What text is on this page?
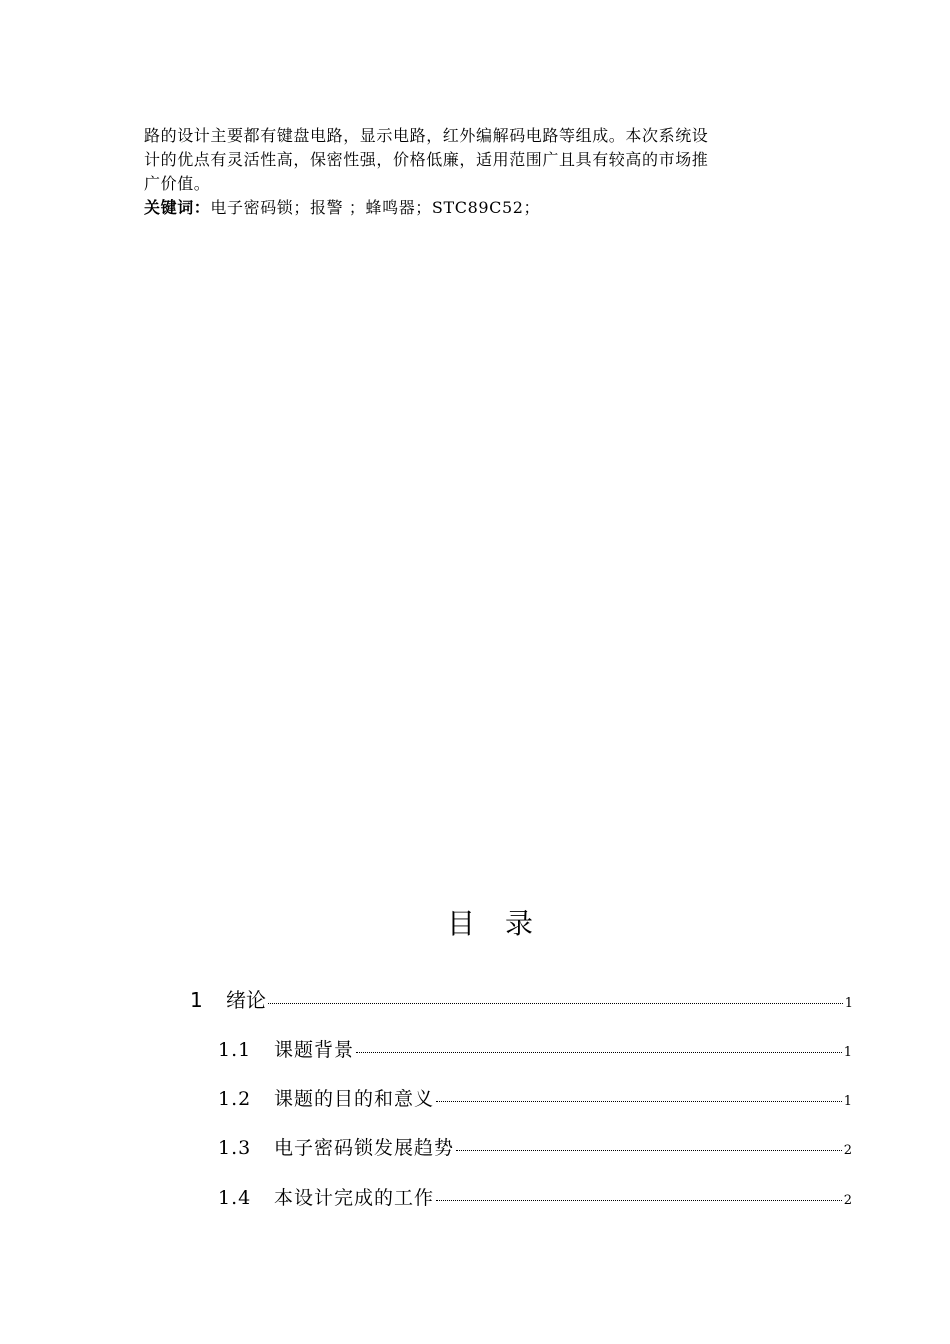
路的设计主要都有键盘电路，显示电路，红外编解码电路等组成。本次系统设

计的优点有灵活性高，保密性强，价格低廉，适用范围广且具有较高的市场推

广价值。

关键词：电子密码锁；报警 ；蜂鸣器；STC89C52；

目录
1	绪论	1
1.1	课题背景	1
1.2	课题的目的和意义	1
1.3	电子密码锁发展趋势	2
1.4	本设计完成的工作	2
